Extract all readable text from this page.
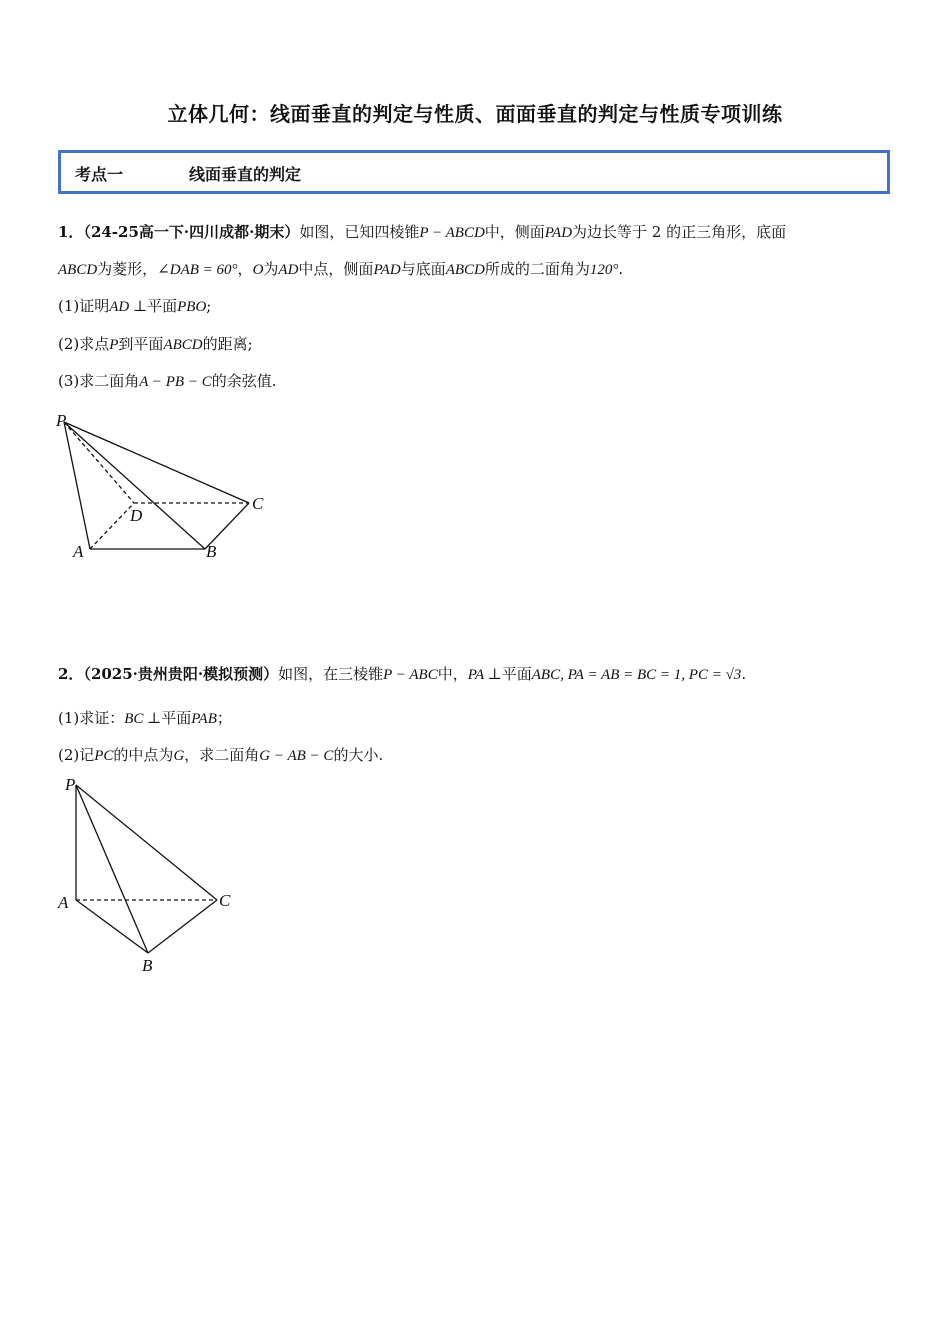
立体几何：线面垂直的判定与性质、面面垂直的判定与性质专项训练
考点一	线面垂直的判定
1．（24-25高一下·四川成都·期末）如图，已知四棱锥P − ABCD中，侧面PAD为边长等于 2 的正三角形，底面
ABCD为菱形，∠DAB = 60°，O为AD中点，侧面PAD与底面ABCD所成的二面角为120°.
(1)证明AD ⊥平面PBO;
(2)求点P到平面ABCD的距离;
(3)求二面角A − PB − C的余弦值.
P
D
C
A	B
2．（2025·贵州贵阳·模拟预测）如图，在三棱锥P − ABC中，PA ⊥平面ABC, PA = AB = BC = 1, PC = √3.
(1)求证：BC ⊥平面PAB；
(2)记PC的中点为G，求二面角G − AB − C的大小.
P
A	C
B
